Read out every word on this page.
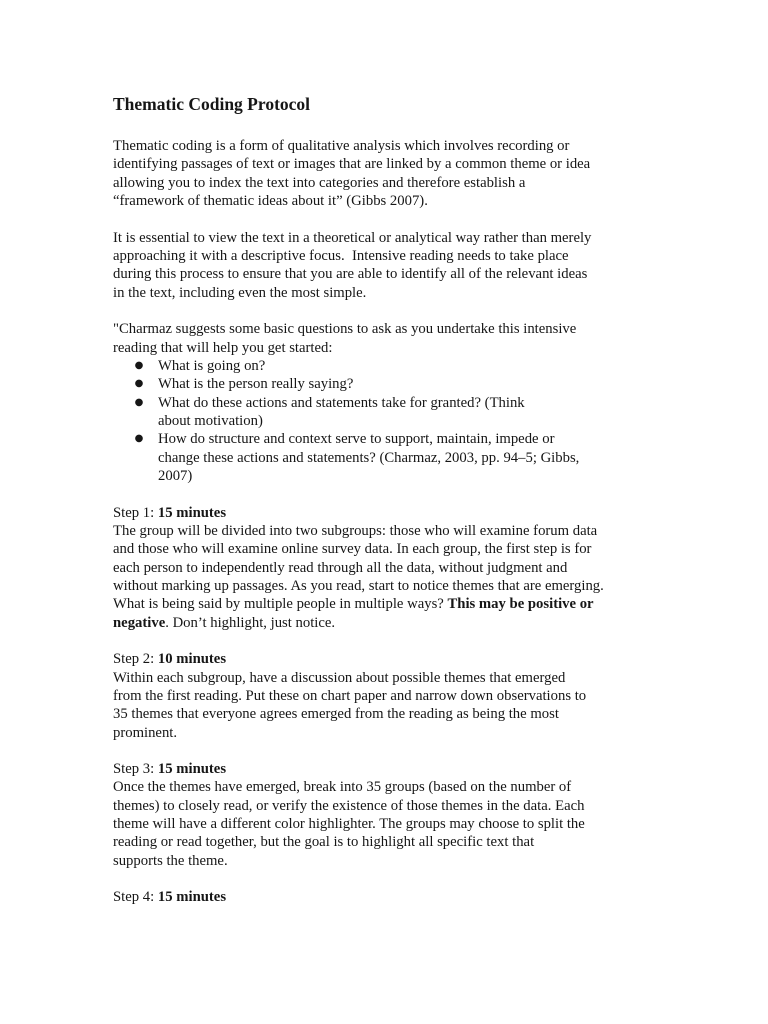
Thematic Coding Protocol
Thematic coding is a form of qualitative analysis which involves recording or
identifying passages of text or images that are linked by a common theme or idea
allowing you to index the text into categories and therefore establish a
“framework of thematic ideas about it” (Gibbs 2007).
It is essential to view the text in a theoretical or analytical way rather than merely
approaching it with a descriptive focus.  Intensive reading needs to take place
during this process to ensure that you are able to identify all of the relevant ideas
in the text, including even the most simple.
"Charmaz suggests some basic questions to ask as you undertake this intensive
reading that will help you get started:
● What is going on?
● What is the person really saying?
● What do these actions and statements take for granted? (Think
about motivation)
● How do structure and context serve to support, maintain, impede or
change these actions and statements? (Charmaz, 2003, pp. 94–5; Gibbs,
2007)
Step 1: 15 minutes
The group will be divided into two subgroups: those who will examine forum data
and those who will examine online survey data. In each group, the first step is for
each person to independently read through all the data, without judgment and
without marking up passages. As you read, start to notice themes that are emerging.
What is being said by multiple people in multiple ways? This may be positive or
negative. Don’t highlight, just notice.
Step 2: 10 minutes
Within each subgroup, have a discussion about possible themes that emerged
from the first reading. Put these on chart paper and narrow down observations to
35 themes that everyone agrees emerged from the reading as being the most
prominent.
Step 3: 15 minutes
Once the themes have emerged, break into 35 groups (based on the number of
themes) to closely read, or verify the existence of those themes in the data. Each
theme will have a different color highlighter. The groups may choose to split the
reading or read together, but the goal is to highlight all specific text that
supports the theme.
Step 4: 15 minutes
